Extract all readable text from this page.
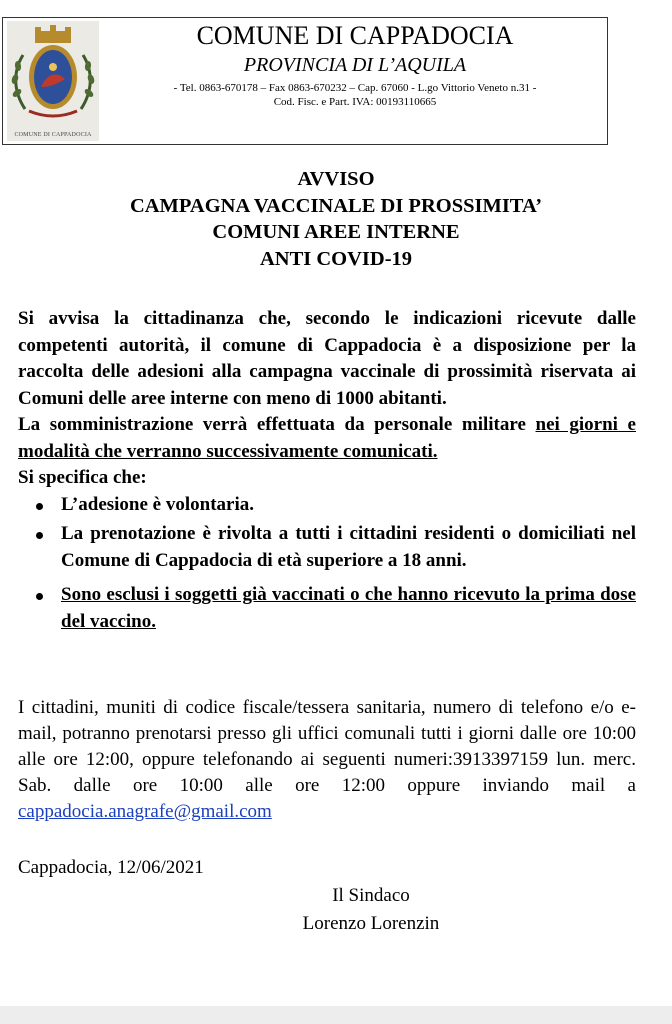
COMUNE DI CAPPADOCIA
COMUNE DI CAPPADOCIA
PROVINCIA DI L’AQUILA
- Tel. 0863-670178 – Fax 0863-670232 – Cap. 67060 - L.go Vittorio Veneto n.31 -
Cod. Fisc. e Part. IVA: 00193110665
AVVISO
CAMPAGNA VACCINALE DI PROSSIMITA’
COMUNI AREE INTERNE
ANTI COVID-19
Si avvisa la cittadinanza che, secondo le indicazioni ricevute dalle competenti autorità, il comune di Cappadocia è a disposizione per la raccolta delle adesioni alla campagna vaccinale di prossimità riservata ai Comuni delle aree interne con meno di 1000 abitanti.
La somministrazione verrà effettuata da personale militare nei giorni e modalità che verranno successivamente comunicati.
Si specifica che:
L’adesione è volontaria.
La prenotazione è rivolta a tutti i cittadini residenti o domiciliati nel Comune di Cappadocia di età superiore a 18 anni.
Sono esclusi i soggetti già vaccinati o che hanno ricevuto la prima dose del vaccino.
I cittadini, muniti di codice fiscale/tessera sanitaria, numero di telefono e/o e-mail, potranno prenotarsi presso gli uffici comunali tutti i giorni dalle ore 10:00 alle ore 12:00, oppure telefonando ai seguenti numeri:3913397159 lun. merc. Sab. dalle ore 10:00 alle ore 12:00 oppure inviando mail a cappadocia.anagrafe@gmail.com
Cappadocia, 12/06/2021
Il Sindaco
Lorenzo Lorenzin
